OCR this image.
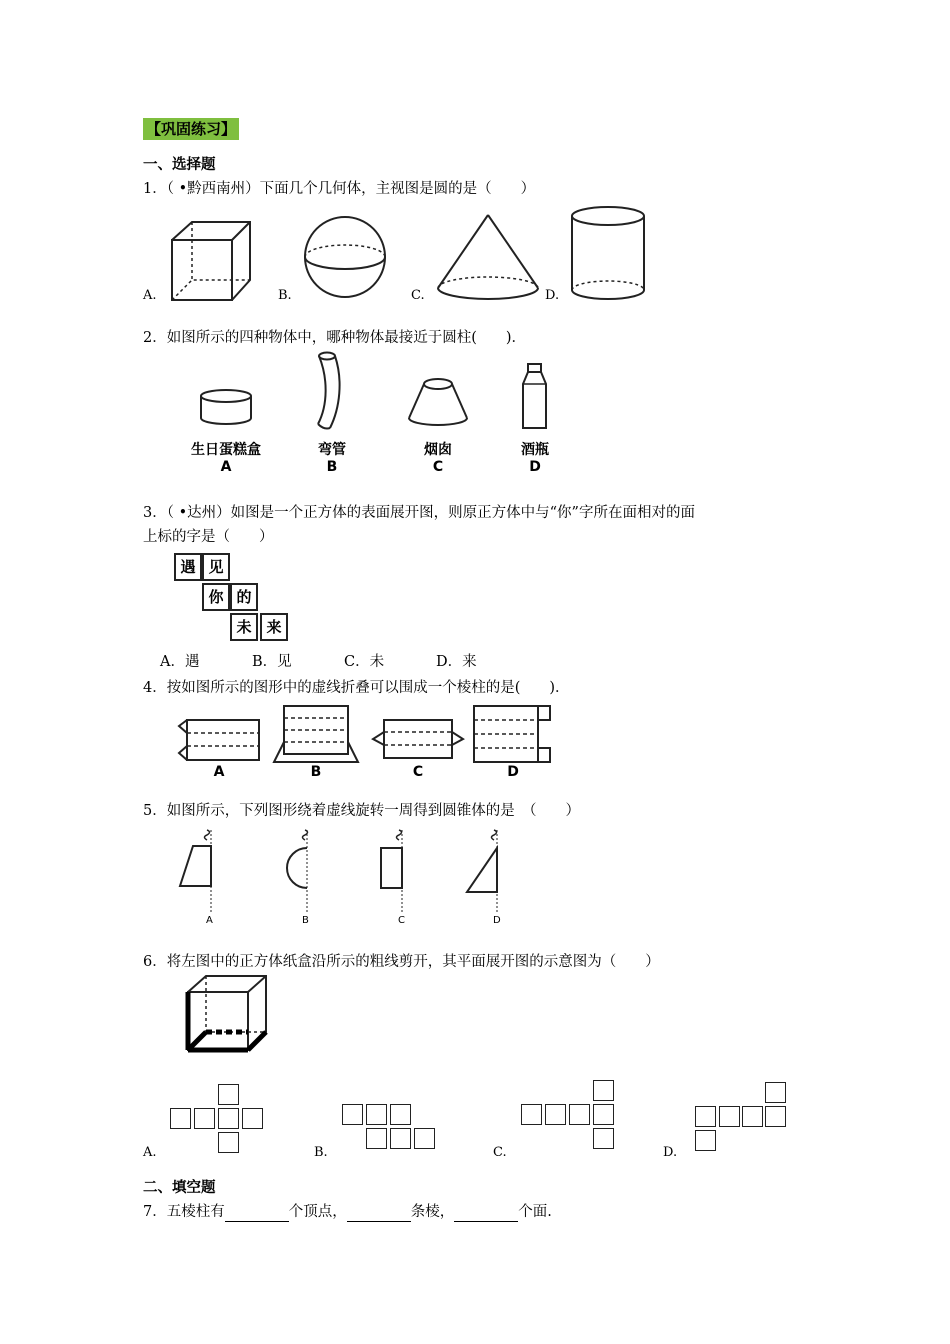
【巩固练习】
一、选择题
1．（ •黔西南州）下面几个几何体，主视图是圆的是（　　）
A.	B.	C.	D.
2．如图所示的四种物体中，哪种物体最接近于圆柱(　　)．
生日蛋糕盒
A
弯管
B
烟囱
C
酒瓶
D
3．（ •达州）如图是一个正方体的表面展开图，则原正方体中与“你”字所在面相对的面
上标的字是（　　）
遇 见
你 的
未 来
A．遇	B．见	C．未	D．来
4．按如图所示的图形中的虚线折叠可以围成一个棱柱的是(　　)．
A	B	C	D
5．如图所示，下列图形绕着虚线旋转一周得到圆锥体的是　（　　）
A	B	C	D
6．将左图中的正方体纸盒沿所示的粗线剪开，其平面展开图的示意图为（　　）
A.	B.	C.	D.
二、填空题
7．五棱柱有	个顶点，	条棱，	个面.
